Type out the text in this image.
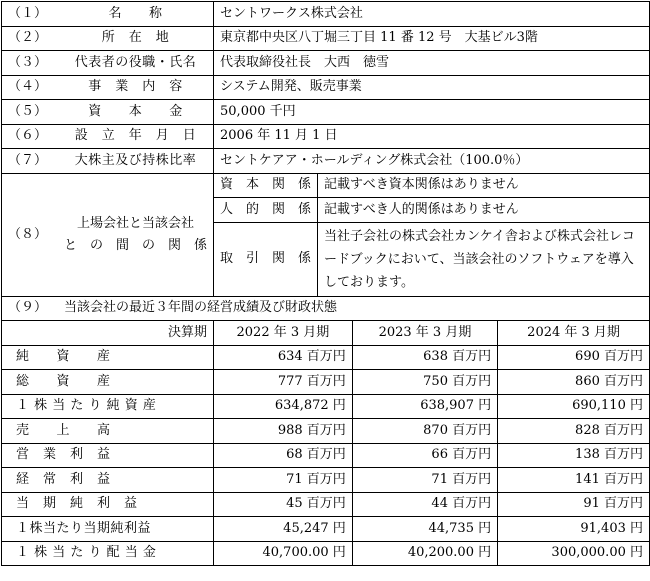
（１） 名　　称	セントワークス株式会社			

（２） 所　在　地	東京都中央区八丁堀三丁目 11 番 12 号　大基ビル3階			

（３） 代表者の役職・氏名	代表取締役社長　大西　徳雪			

（４） 事　業　内　容	システム開発、販売事業			

（５） 資　　本　　金	50,000 千円			

（６） 設　立　年　月　日	2006 年 11 月 1 日			

（７） 大株主及び持株比率	セントケアア・ホールディング株式会社（100.0％）			

（８）
上場会社と当該会社
と　の　間　の　関　係	資　本　関　係	記載すべき資本関係はありません		
	人　的　関　係	記載すべき人的関係はありません		
	取　引　関　係	当社子会社の株式会社カンケイ舎および株式会社レコードブックにおいて、当該会社のソフトウェアを導入しております。		

（９） 当該会社の最近３年間の経営成績及び財政状態				

決算期	2022 年 3 月期		2023 年 3 月期	2024 年 3 月期
純　　資　　産	634 百万円		638 百万円	690 百万円
総　　資　　産	777 百万円		750 百万円	860 百万円
１ 株 当 た り 純 資 産	634,872 円		638,907 円	690,110 円
売　　上　　高	988 百万円		870 百万円	828 百万円
営　業　利　益	68 百万円		66 百万円	138 百万円
経　常　利　益	71 百万円		71 百万円	141 百万円
当　期　純　利　益	45 百万円		44 百万円	91 百万円
１株当たり当期純利益	45,247 円		44,735 円	91,403 円
１ 株 当 た り 配 当 金	40,700.00 円		40,200.00 円	300,000.00 円
